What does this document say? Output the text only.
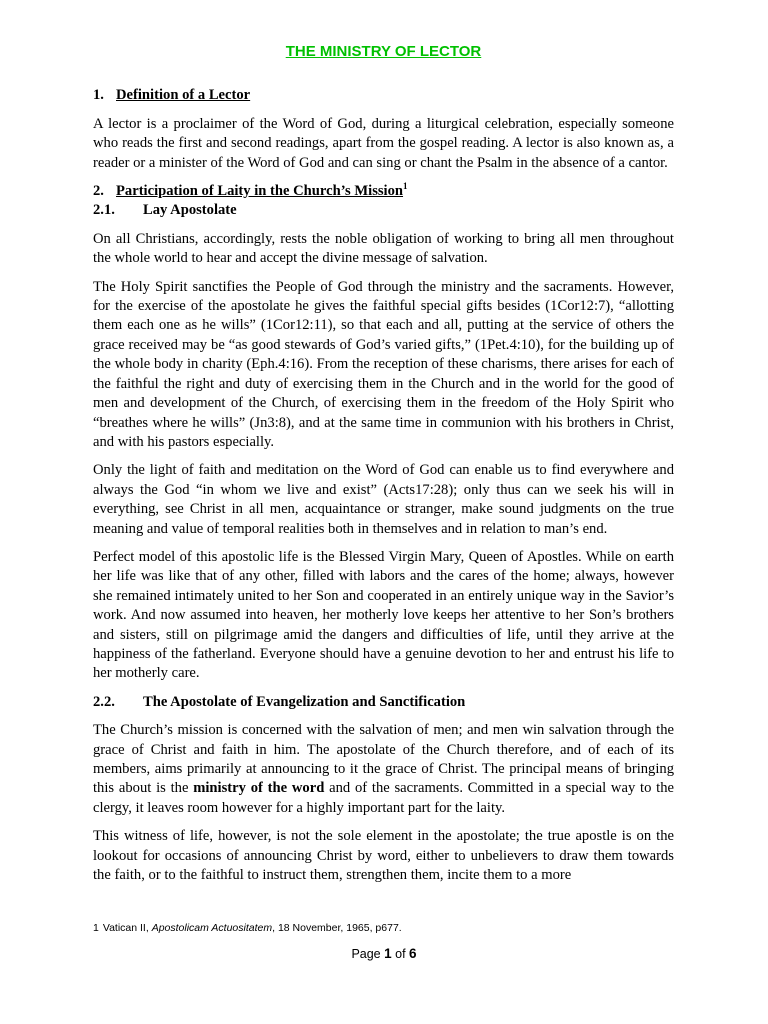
THE MINISTRY OF LECTOR
1. Definition of a Lector

A lector is a proclaimer of the Word of God, during a liturgical celebration, especially someone who reads the first and second readings, apart from the gospel reading. A lector is also known as, a reader or a minister of the Word of God and can sing or chant the Psalm in the absence of a cantor.

2. Participation of Laity in the Church’s Mission$^1$
2.1. Lay Apostolate

On all Christians, accordingly, rests the noble obligation of working to bring all men throughout the whole world to hear and accept the divine message of salvation.

The Holy Spirit sanctifies the People of God through the ministry and the sacraments. However, for the exercise of the apostolate he gives the faithful special gifts besides (1Cor12:7), “allotting them each one as he wills” (1Cor12:11), so that each and all, putting at the service of others the grace received may be “as good stewards of God’s varied gifts,” (1Pet.4:10), for the building up of the whole body in charity (Eph.4:16). From the reception of these charisms, there arises for each of the faithful the right and duty of exercising them in the Church and in the world for the good of men and development of the Church, of exercising them in the freedom of the Holy Spirit who “breathes where he wills” (Jn3:8), and at the same time in communion with his brothers in Christ, and with his pastors especially.

Only the light of faith and meditation on the Word of God can enable us to find everywhere and always the God “in whom we live and exist” (Acts17:28); only thus can we seek his will in everything, see Christ in all men, acquaintance or stranger, make sound judgments on the true meaning and value of temporal realities both in themselves and in relation to man’s end.

Perfect model of this apostolic life is the Blessed Virgin Mary, Queen of Apostles. While on earth her life was like that of any other, filled with labors and the cares of the home; always, however she remained intimately united to her Son and cooperated in an entirely unique way in the Savior’s work. And now assumed into heaven, her motherly love keeps her attentive to her Son’s brothers and sisters, still on pilgrimage amid the dangers and difficulties of life, until they arrive at the happiness of the fatherland. Everyone should have a genuine devotion to her and entrust his life to her motherly care.

2.2. The Apostolate of Evangelization and Sanctification

The Church’s mission is concerned with the salvation of men; and men win salvation through the grace of Christ and faith in him. The apostolate of the Church therefore, and of each of its members, aims primarily at announcing to it the grace of Christ. The principal means of bringing this about is the ministry of the word and of the sacraments. Committed in a special way to the clergy, it leaves room however for a highly important part for the laity.

This witness of life, however, is not the sole element in the apostolate; the true apostle is on the lookout for occasions of announcing Christ by word, either to unbelievers to draw them towards the faith, or to the faithful to instruct them, strengthen them, incite them to a more

1 Vatican II, Apostolicam Actuositatem, 18 November, 1965, p677.
Page 1 of 6
